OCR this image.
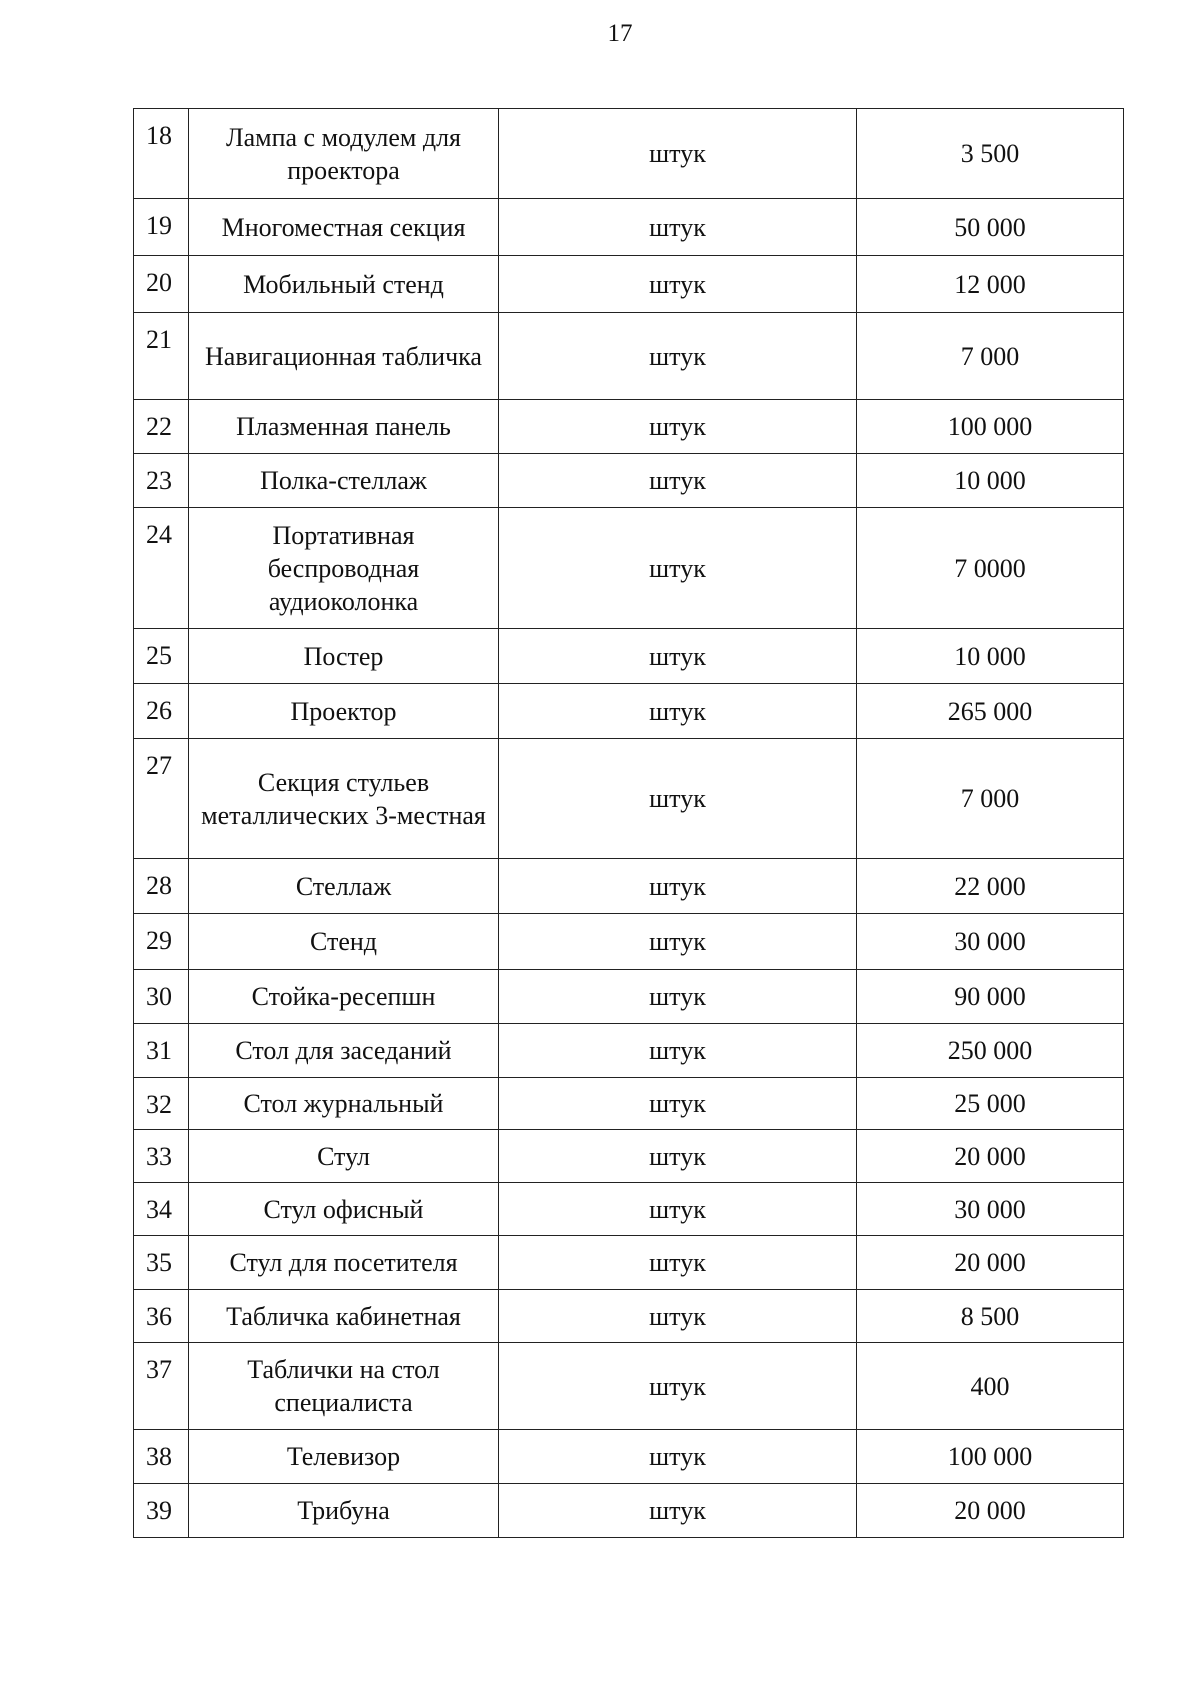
17
18	Лампа с модулем для проектора	штук	3 500
19	Многоместная секция	штук	50 000
20	Мобильный стенд	штук	12 000
21	Навигационная табличка	штук	7 000
22	Плазменная панель	штук	100 000
23	Полка-стеллаж	штук	10 000
24	Портативная беспроводная аудиоколонка	штук	7 0000
25	Постер	штук	10 000
26	Проектор	штук	265 000
27	Секция стульев металлических 3-местная	штук	7 000
28	Стеллаж	штук	22 000
29	Стенд	штук	30 000
30	Стойка-ресепшн	штук	90 000
31	Стол для заседаний	штук	250 000
32	Стол журнальный	штук	25 000
33	Стул	штук	20 000
34	Стул офисный	штук	30 000
35	Стул для посетителя	штук	20 000
36	Табличка кабинетная	штук	8 500
37	Таблички на стол специалиста	штук	400
38	Телевизор	штук	100 000
39	Трибуна	штук	20 000
